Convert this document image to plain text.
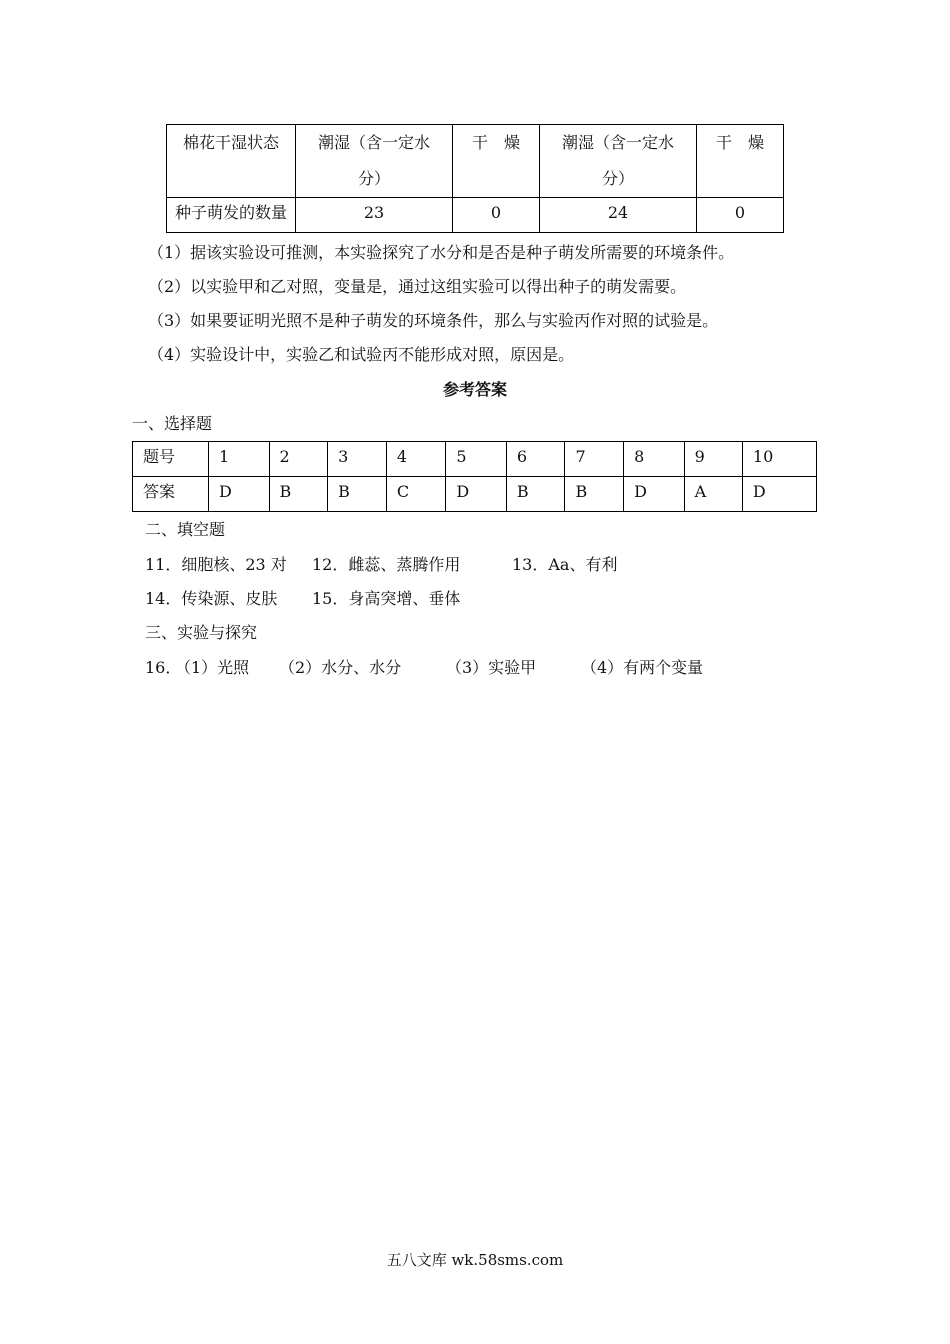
棉花干湿状态	潮湿（含一定水分）	干　燥	潮湿（含一定水分）	干　燥
种子萌发的数量	23	0	24	0
（1）据该实验设可推测，本实验探究了水分和是否是种子萌发所需要的环境条件。
（2）以实验甲和乙对照，变量是，通过这组实验可以得出种子的萌发需要。
（3）如果要证明光照不是种子萌发的环境条件，那么与实验丙作对照的试验是。
（4）实验设计中，实验乙和试验丙不能形成对照，原因是。
参考答案
一、选择题
题号	1	2	3	4	5	6	7	8	9	10
答案	D	B	B	C	D	B	B	D	A	D
二、填空题
11．细胞核、23 对 12．雌蕊、蒸腾作用	13．Aa、有利
14．传染源、皮肤 15．身高突增、垂体
三、实验与探究
16．
（1）光照 （2）水分、水分	（3）实验甲	（4）有两个变量
五八文库 wk.58sms.com
